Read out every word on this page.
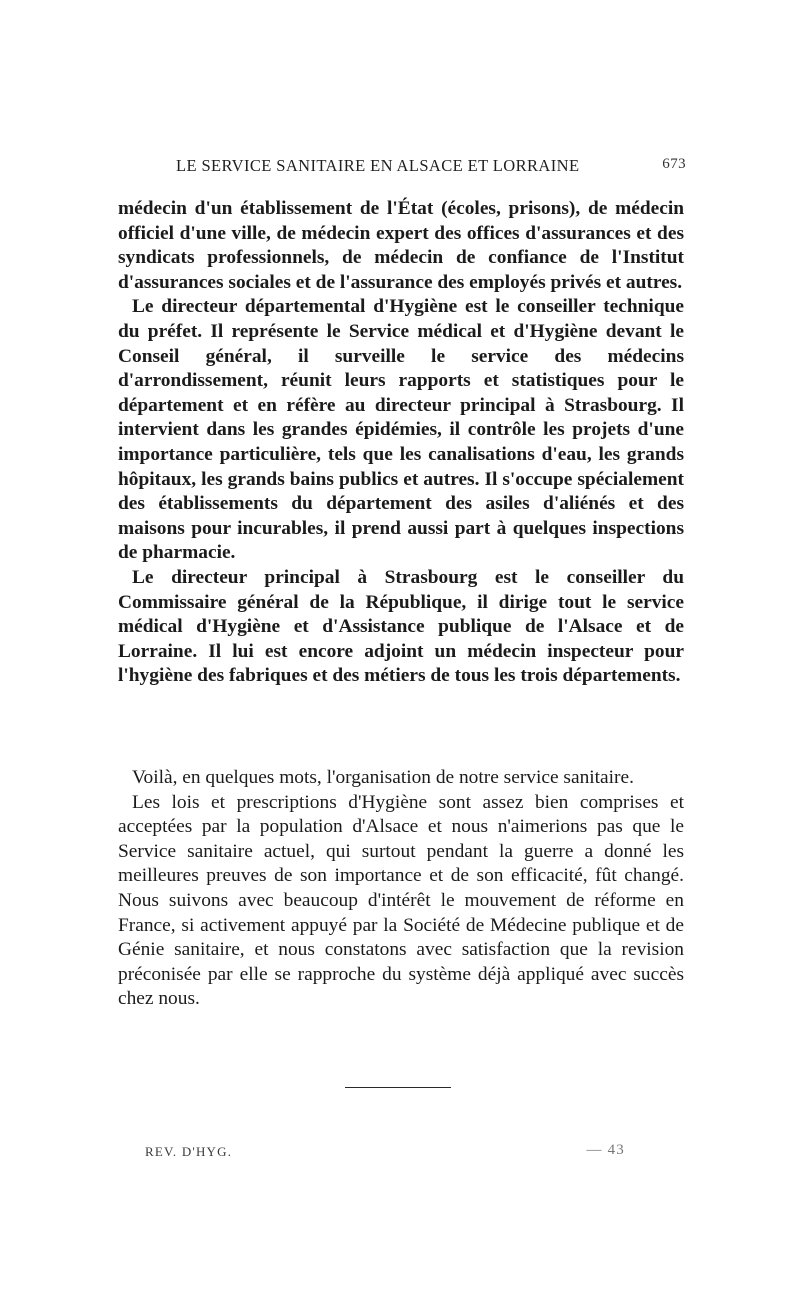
LE SERVICE SANITAIRE EN ALSACE ET LORRAINE	673

médecin d'un établissement de l'État (écoles, prisons), de médecin officiel d'une ville, de médecin expert des offices d'assurances et des syndicats professionnels, de médecin de confiance de l'Institut d'assurances sociales et de l'assurance des employés privés et autres.

Le directeur départemental d'Hygiène est le conseiller technique du préfet. Il représente le Service médical et d'Hygiène devant le Conseil général, il surveille le service des médecins d'arrondissement, réunit leurs rapports et statistiques pour le département et en réfère au directeur principal à Strasbourg. Il intervient dans les grandes épidémies, il contrôle les projets d'une importance particulière, tels que les canalisations d'eau, les grands hôpitaux, les grands bains publics et autres. Il s'occupe spécialement des établissements du département des asiles d'aliénés et des maisons pour incurables, il prend aussi part à quelques inspections de pharmacie.

Le directeur principal à Strasbourg est le conseiller du Commissaire général de la République, il dirige tout le service médical d'Hygiène et d'Assistance publique de l'Alsace et de Lorraine. Il lui est encore adjoint un médecin inspecteur pour l'hygiène des fabriques et des métiers de tous les trois départements.

Voilà, en quelques mots, l'organisation de notre service sanitaire.

Les lois et prescriptions d'Hygiène sont assez bien comprises et acceptées par la population d'Alsace et nous n'aimerions pas que le Service sanitaire actuel, qui surtout pendant la guerre a donné les meilleures preuves de son importance et de son efficacité, fût changé. Nous suivons avec beaucoup d'intérêt le mouvement de réforme en France, si activement appuyé par la Société de Médecine publique et de Génie sanitaire, et nous constatons avec satisfaction que la revision préconisée par elle se rapproche du système déjà appliqué avec succès chez nous.

REV. D'HYG.	— 43
